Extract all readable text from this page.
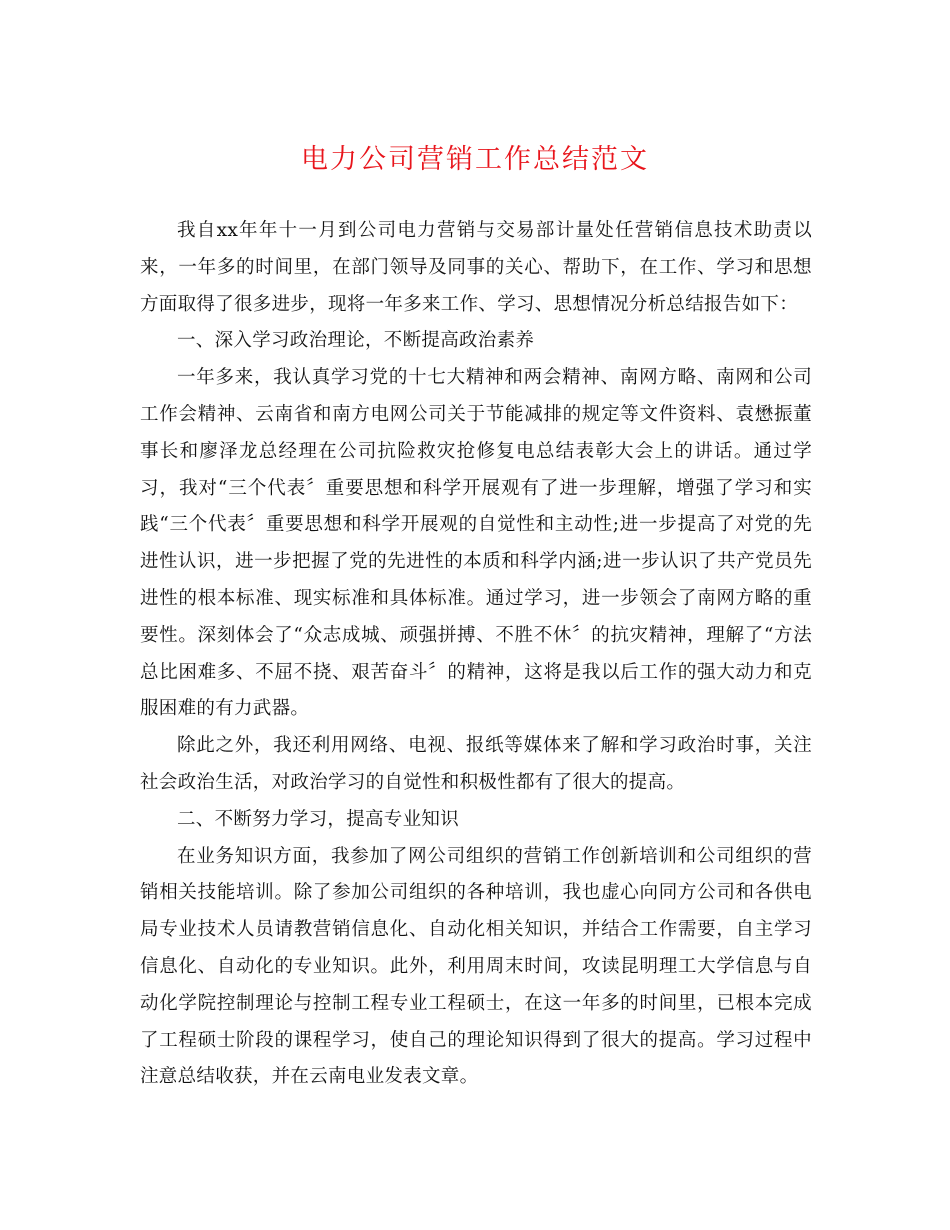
电力公司营销工作总结范文

我自xx年年十一月到公司电力营销与交易部计量处任营销信息技术助责以来，一年多的时间里，在部门领导及同事的关心、帮助下，在工作、学习和思想方面取得了很多进步，现将一年多来工作、学习、思想情况分析总结报告如下：

一、深入学习政治理论，不断提高政治素养

一年多来，我认真学习党的十七大精神和两会精神、南网方略、南网和公司工作会精神、云南省和南方电网公司关于节能减排的规定等文件资料、袁懋振董事长和廖泽龙总经理在公司抗险救灾抢修复电总结表彰大会上的讲话。通过学习，我对“三个代表〞重要思想和科学开展观有了进一步理解，增强了学习和实践“三个代表〞重要思想和科学开展观的自觉性和主动性;进一步提高了对党的先进性认识，进一步把握了党的先进性的本质和科学内涵;进一步认识了共产党员先进性的根本标准、现实标准和具体标准。通过学习，进一步领会了南网方略的重要性。深刻体会了“众志成城、顽强拼搏、不胜不休〞的抗灾精神，理解了“方法总比困难多、不屈不挠、艰苦奋斗〞的精神，这将是我以后工作的强大动力和克服困难的有力武器。

除此之外，我还利用网络、电视、报纸等媒体来了解和学习政治时事，关注社会政治生活，对政治学习的自觉性和积极性都有了很大的提高。

二、不断努力学习，提高专业知识

在业务知识方面，我参加了网公司组织的营销工作创新培训和公司组织的营销相关技能培训。除了参加公司组织的各种培训，我也虚心向同方公司和各供电局专业技术人员请教营销信息化、自动化相关知识，并结合工作需要，自主学习信息化、自动化的专业知识。此外，利用周末时间，攻读昆明理工大学信息与自动化学院控制理论与控制工程专业工程硕士，在这一年多的时间里，已根本完成了工程硕士阶段的课程学习，使自己的理论知识得到了很大的提高。学习过程中注意总结收获，并在云南电业发表文章。
